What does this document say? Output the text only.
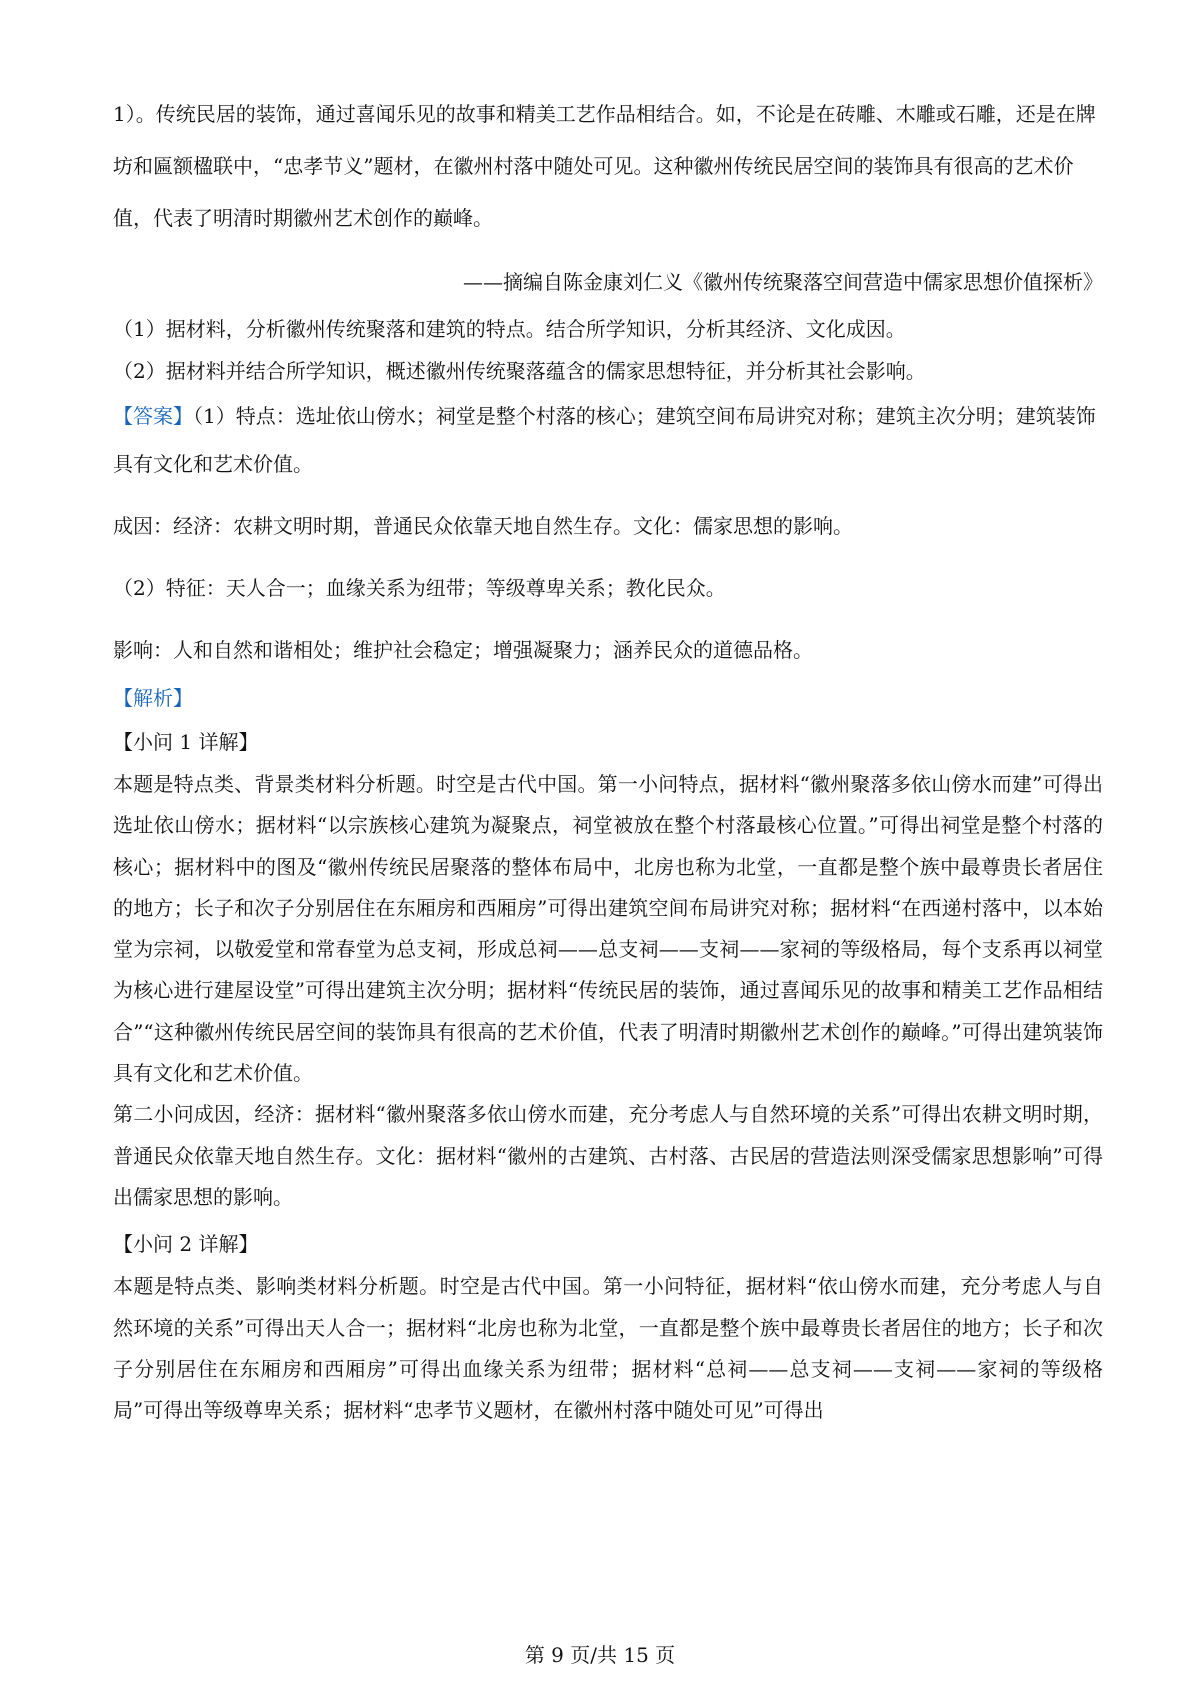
1）。传统民居的装饰，通过喜闻乐见的故事和精美工艺作品相结合。如，不论是在砖雕、木雕或石雕，还是在牌坊和匾额楹联中，“忠孝节义”题材，在徽州村落中随处可见。这种徽州传统民居空间的装饰具有很高的艺术价值，代表了明清时期徽州艺术创作的巅峰。

——摘编自陈金康刘仁义《徽州传统聚落空间营造中儒家思想价值探析》

（1）据材料，分析徽州传统聚落和建筑的特点。结合所学知识，分析其经济、文化成因。

（2）据材料并结合所学知识，概述徽州传统聚落蕴含的儒家思想特征，并分析其社会影响。

【答案】（1）特点：选址依山傍水；祠堂是整个村落的核心；建筑空间布局讲究对称；建筑主次分明；建筑装饰具有文化和艺术价值。

成因：经济：农耕文明时期，普通民众依靠天地自然生存。文化：儒家思想的影响。

（2）特征：天人合一；血缘关系为纽带；等级尊卑关系；教化民众。

影响：人和自然和谐相处；维护社会稳定；增强凝聚力；涵养民众的道德品格。

【解析】

【小问 1 详解】

本题是特点类、背景类材料分析题。时空是古代中国。第一小问特点，据材料“徽州聚落多依山傍水而建”可得出选址依山傍水；据材料“以宗族核心建筑为凝聚点，祠堂被放在整个村落最核心位置。”可得出祠堂是整个村落的核心；据材料中的图及“徽州传统民居聚落的整体布局中，北房也称为北堂，一直都是整个族中最尊贵长者居住的地方；长子和次子分别居住在东厢房和西厢房”可得出建筑空间布局讲究对称；据材料“在西递村落中，以本始堂为宗祠，以敬爱堂和常春堂为总支祠，形成总祠——总支祠——支祠——家祠的等级格局，每个支系再以祠堂为核心进行建屋设堂”可得出建筑主次分明；据材料“传统民居的装饰，通过喜闻乐见的故事和精美工艺作品相结合”“这种徽州传统民居空间的装饰具有很高的艺术价值，代表了明清时期徽州艺术创作的巅峰。”可得出建筑装饰具有文化和艺术价值。

第二小问成因，经济：据材料“徽州聚落多依山傍水而建，充分考虑人与自然环境的关系”可得出农耕文明时期，普通民众依靠天地自然生存。文化：据材料“徽州的古建筑、古村落、古民居的营造法则深受儒家思想影响”可得出儒家思想的影响。

【小问 2 详解】

本题是特点类、影响类材料分析题。时空是古代中国。第一小问特征，据材料“依山傍水而建，充分考虑人与自然环境的关系”可得出天人合一；据材料“北房也称为北堂，一直都是整个族中最尊贵长者居住的地方；长子和次子分别居住在东厢房和西厢房”可得出血缘关系为纽带；据材料“总祠——总支祠——支祠——家祠的等级格局”可得出等级尊卑关系；据材料“忠孝节义题材，在徽州村落中随处可见”可得出

第 9 页/共 15 页
